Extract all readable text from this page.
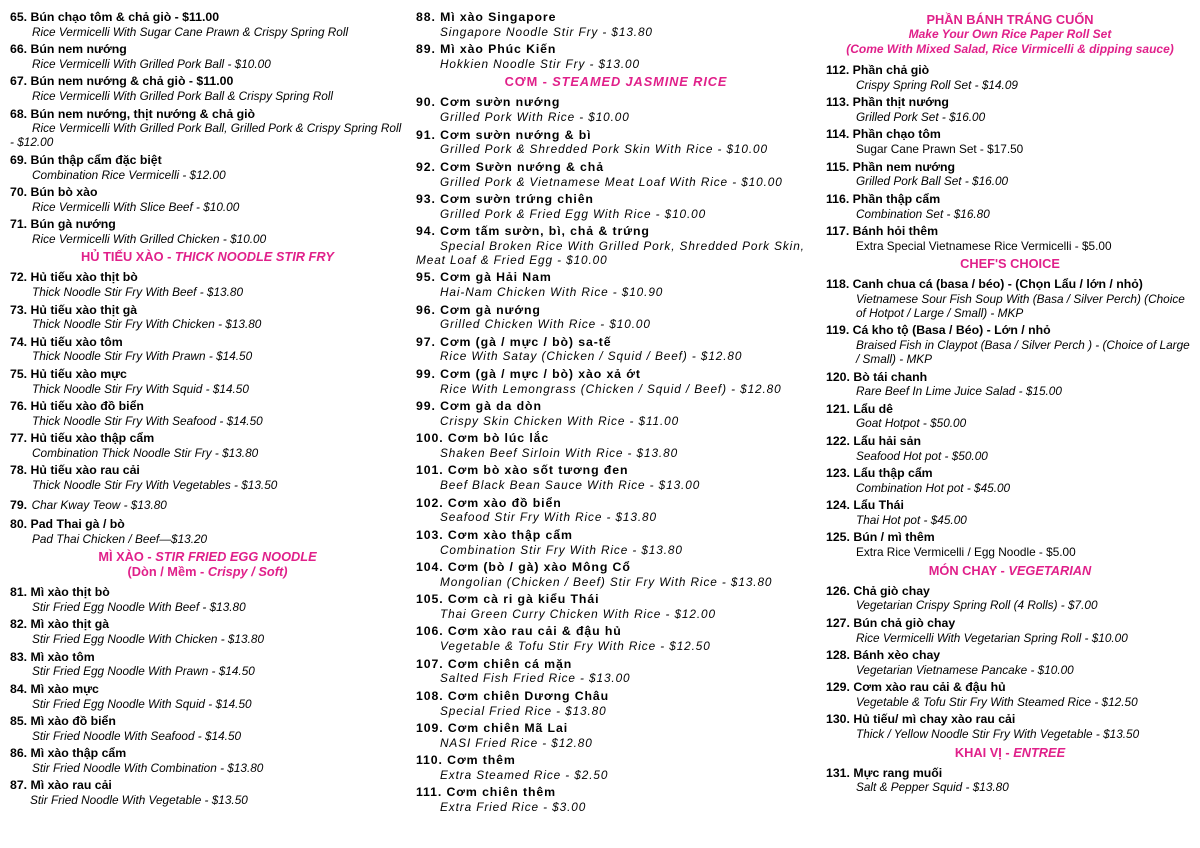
65. Bún chạo tôm & chả giò - $11.00
Rice Vermicelli With Sugar Cane Prawn & Crispy Spring Roll
66. Bún nem nướng
Rice Vermicelli With Grilled Pork Ball - $10.00
67. Bún nem nướng & chả giò - $11.00
Rice Vermicelli With Grilled Pork Ball & Crispy Spring Roll
68. Bún nem nướng, thịt nướng & chả giò
Rice Vermicelli With Grilled Pork Ball, Grilled Pork & Crispy Spring Roll - $12.00
69. Bún thập cẩm đặc biệt
Combination Rice Vermicelli - $12.00
70. Bún bò xào
Rice Vermicelli With Slice Beef - $10.00
71. Bún gà nướng
Rice Vermicelli With Grilled Chicken - $10.00
HỦ TIẾU XÀO - THICK NOODLE STIR FRY
72. Hủ tiếu xào thịt bò
Thick Noodle Stir Fry With Beef - $13.80
73. Hủ tiếu xào thịt gà
Thick Noodle Stir Fry With Chicken - $13.80
74. Hủ tiếu xào tôm
Thick Noodle Stir Fry With Prawn - $14.50
75. Hủ tiếu xào mực
Thick Noodle Stir Fry With Squid - $14.50
76. Hủ tiếu xào đồ biển
Thick Noodle Stir Fry With Seafood - $14.50
77. Hủ tiếu xào thập cẩm
Combination Thick Noodle Stir Fry - $13.80
78. Hủ tiếu xào rau cải
Thick Noodle Stir Fry With Vegetables - $13.50
79. Char Kway Teow - $13.80
80. Pad Thai gà / bò
Pad Thai Chicken / Beef—$13.20
MÌ XÀO - STIR FRIED EGG NOODLE
(Dòn / Mềm - Crispy / Soft)
81. Mì xào thịt bò
Stir Fried Egg Noodle With Beef - $13.80
82. Mì xào thịt gà
Stir Fried Egg Noodle With Chicken - $13.80
83. Mì xào tôm
Stir Fried Egg Noodle With Prawn - $14.50
84. Mì xào mực
Stir Fried Egg Noodle With Squid - $14.50
85. Mì xào đồ biển
Stir Fried Noodle With Seafood - $14.50
86. Mì xào thập cẩm
Stir Fried Noodle With Combination - $13.80
87. Mì xào rau cải
Stir Fried Noodle With Vegetable - $13.50
88. Mì xào Singapore
Singapore Noodle Stir Fry - $13.80
89. Mì xào Phúc Kiến
Hokkien Noodle Stir Fry - $13.00
CƠM - STEAMED JASMINE RICE
90. Cơm sườn nướng
Grilled Pork With Rice - $10.00
91. Cơm sườn nướng & bì
Grilled Pork & Shredded Pork Skin With Rice - $10.00
92. Cơm Sườn nướng & chả
Grilled Pork & Vietnamese Meat Loaf With Rice - $10.00
93. Cơm sườn trứng chiên
Grilled Pork & Fried Egg With Rice - $10.00
94. Cơm tấm sườn, bì, chả & trứng
Special Broken Rice With Grilled Pork, Shredded Pork Skin, Meat Loaf & Fried Egg - $10.00
95. Cơm gà Hải Nam
Hai-Nam Chicken With Rice - $10.90
96. Cơm gà nướng
Grilled Chicken With Rice - $10.00
97. Cơm (gà / mực / bò) sa-tế
Rice With Satay (Chicken / Squid / Beef) - $12.80
99. Cơm (gà / mực / bò) xào xả ớt
Rice With Lemongrass (Chicken / Squid / Beef) - $12.80
99. Cơm gà da dòn
Crispy Skin Chicken With Rice - $11.00
100. Cơm bò lúc lắc
Shaken Beef Sirloin With Rice - $13.80
101. Cơm bò xào sốt tương đen
Beef Black Bean Sauce With Rice - $13.00
102. Cơm xào đồ biển
Seafood Stir Fry With Rice - $13.80
103. Cơm xào thập cẩm
Combination Stir Fry With Rice - $13.80
104. Cơm (bò / gà) xào Mông Cổ
Mongolian (Chicken / Beef) Stir Fry With Rice - $13.80
105. Cơm cà ri gà kiểu Thái
Thai Green Curry Chicken With Rice - $12.00
106. Cơm xào rau cải & đậu hủ
Vegetable & Tofu Stir Fry With Rice - $12.50
107. Cơm chiên cá mặn
Salted Fish Fried Rice - $13.00
108. Cơm chiên Dương Châu
Special Fried Rice - $13.80
109. Cơm chiên Mã Lai
NASI Fried Rice - $12.80
110. Cơm thêm
Extra Steamed Rice - $2.50
111. Cơm chiên thêm
Extra Fried Rice - $3.00
PHẦN BÁNH TRÁNG CUỐN
Make Your Own Rice Paper Roll Set
(Come With Mixed Salad, Rice Virmicelli & dipping sauce)
112. Phần chả giò
Crispy Spring Roll Set - $14.09
113. Phần thịt nướng
Grilled Pork Set - $16.00
114. Phần chạo tôm
Sugar Cane Prawn Set - $17.50
115. Phần nem nướng
Grilled Pork Ball Set - $16.00
116. Phần thập cẩm
Combination Set - $16.80
117. Bánh hỏi thêm
Extra Special Vietnamese Rice Vermicelli - $5.00
CHEF'S CHOICE
118. Canh chua cá (basa / béo) - (Chọn Lẩu / lớn / nhỏ)
Vietnamese Sour Fish Soup With (Basa / Silver Perch) (Choice of Hotpot / Large / Small) - MKP
119. Cá kho tộ (Basa / Béo) - Lớn / nhỏ
Braised Fish in Claypot (Basa / Silver Perch ) - (Choice of Large / Small) - MKP
120. Bò tái chanh
Rare Beef In Lime Juice Salad - $15.00
121. Lẩu dê
Goat Hotpot - $50.00
122. Lẩu hải sản
Seafood Hot pot - $50.00
123. Lẩu thập cẩm
Combination Hot pot - $45.00
124. Lẩu Thái
Thai Hot pot - $45.00
125. Bún / mì thêm
Extra Rice Vermicelli / Egg Noodle - $5.00
MÓN CHAY - VEGETARIAN
126. Chả giò chay
Vegetarian Crispy Spring Roll (4 Rolls) - $7.00
127. Bún chả giò chay
Rice Vermicelli With Vegetarian Spring Roll - $10.00
128. Bánh xèo chay
Vegetarian Vietnamese Pancake - $10.00
129. Cơm xào rau cải & đậu hủ
Vegetable & Tofu Stir Fry With Steamed Rice - $12.50
130. Hủ tiếu/ mì chay xào rau cải
Thick / Yellow Noodle Stir Fry With Vegetable - $13.50
KHAI VỊ - ENTREE
131. Mực rang muối
Salt & Pepper Squid - $13.80
